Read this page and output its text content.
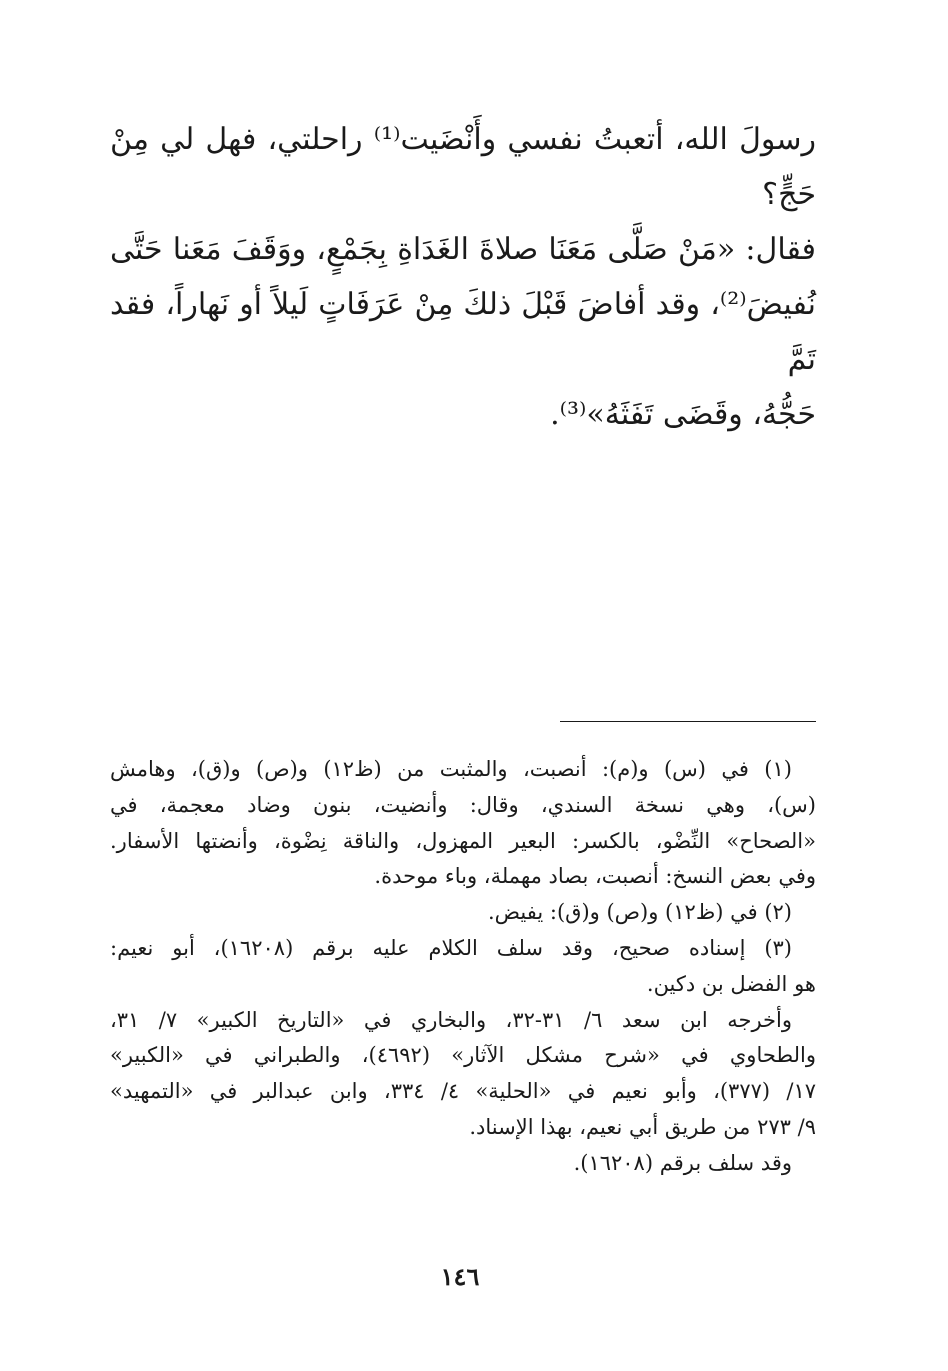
رسولَ الله، أتعبتُ نفسي وأَنْضَيت⁽¹⁾ راحلتي، فهل لي مِنْ حَجٍّ؟
فقال: «مَنْ صَلَّى مَعَنَا صلاةَ الغَدَاةِ بِجَمْعٍ، ووَقَفَ مَعَنا حَتَّى
نُفيضَ⁽²⁾، وقد أفاضَ قَبْلَ ذلكَ مِنْ عَرَفَاتٍ لَيلاً أو نَهاراً، فقد تَمَّ
حَجُّهُ، وقَضَى تَفَثَهُ»⁽³⁾.
(١) في (س) و(م): أنصبت، والمثبت من (ظ١٢) و(ص) و(ق)، وهامش
(س)، وهي نسخة السندي، وقال: وأنضيت، بنون وضاد معجمة، في
«الصحاح» النِّضْو، بالكسر: البعير المهزول، والناقة نِضْوة، وأنضتها الأسفار.
وفي بعض النسخ: أنصبت، بصاد مهملة، وباء موحدة.
(٢) في (ظ١٢) و(ص) و(ق): يفيض.
(٣) إسناده صحيح، وقد سلف الكلام عليه برقم (١٦٢٠٨)، أبو نعيم:
هو الفضل بن دكين.
وأخرجه ابن سعد ٦/ ٣١-٣٢، والبخاري في «التاريخ الكبير» ٧/ ٣١،
والطحاوي في «شرح مشكل الآثار» (٤٦٩٢)، والطبراني في «الكبير»
١٧/ (٣٧٧)، وأبو نعيم في «الحلية» ٤/ ٣٣٤، وابن عبدالبر في «التمهيد»
٩/ ٢٧٣ من طريق أبي نعيم، بهذا الإسناد.
وقد سلف برقم (١٦٢٠٨).
١٤٦
